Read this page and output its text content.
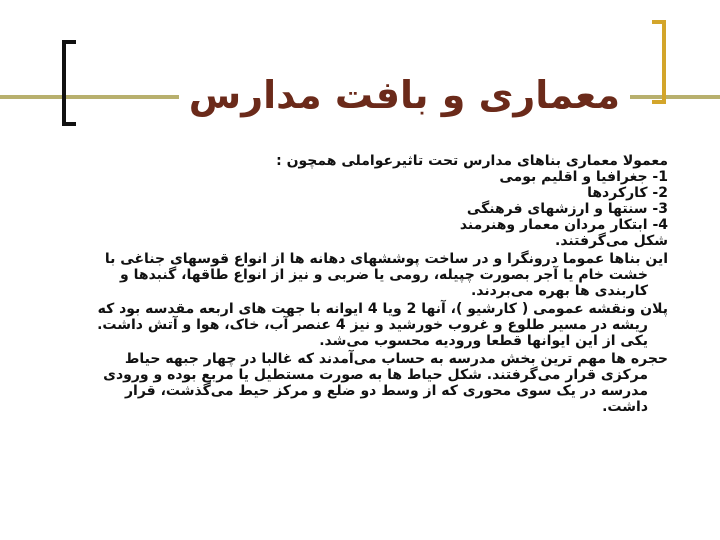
معماری و بافت مدارس

معمولا معماری بناهای مدارس تحت تاثیرعواملی همچون :

1- جغرافیا و اقلیم بومی

2- کارکردها

3- سنتها و ارزشهای فرهنگی

4- ابتکار مردان معمار وهنرمند

شکل می‌گرفتند.

این بناها عموما درونگرا و در ساخت پوششهای دهانه ها از انواع قوسهای جناغی با
خشت خام یا آجر بصورت چپیله، رومی یا ضربی و نیز از انواع طاقها، گنبدها و کاربندی ها بهره می‌بردند.
پلان ونقشه عمومی ( کارشیو )، آنها 2 ویا 4 ایوانه با جهت های اربعه مقدسه بود که
ریشه در مسیر طلوع و غروب خورشید و نیز 4 عنصر آب، خاک، هوا و آتش داشت. یکی از این ایوانها قطعا ورودیه محسوب می‌شد.
حجره ها مهم ترین بخش مدرسه به حساب می‌آمدند که غالبا در چهار جبهه حیاط
مرکزی قرار می‌گرفتند. شکل حیاط ها به صورت مستطیل یا مربع بوده و ورودی مدرسه در یک سوی محوری که از وسط دو ضلع و مرکز حیط می‌گذشت، قرار داشت.
